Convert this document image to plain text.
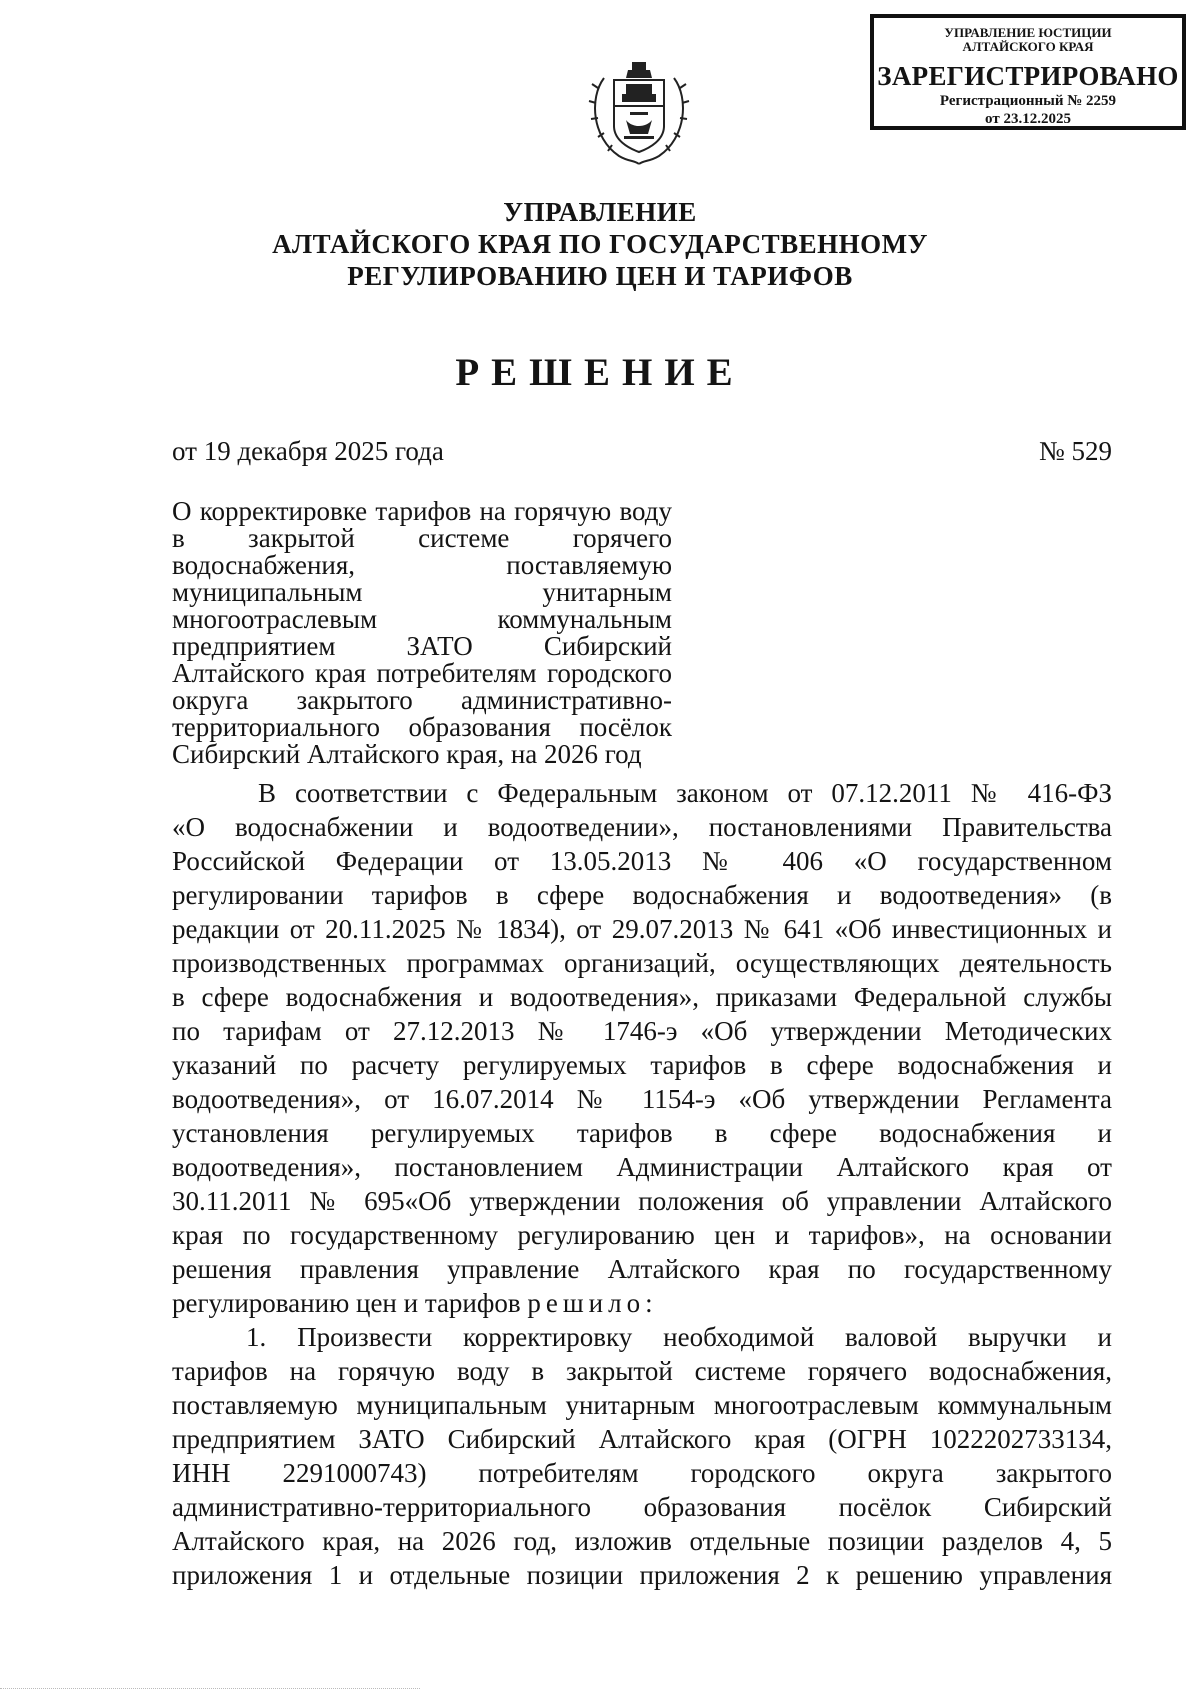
УПРАВЛЕНИЕ ЮСТИЦИИ
АЛТАЙСКОГО КРАЯ
ЗАРЕГИСТРИРОВАНО
Регистрационный № 2259
от 23.12.2025
УПРАВЛЕНИЕ
АЛТАЙСКОГО КРАЯ ПО ГОСУДАРСТВЕННОМУ
РЕГУЛИРОВАНИЮ ЦЕН И ТАРИФОВ
РЕШЕНИЕ
от 19 декабря 2025 года	№ 529
О корректировке тарифов на горячую воду в закрытой системе горячего водоснабжения, поставляемую муниципальным унитарным многоотраслевым коммунальным предприятием ЗАТО Сибирский Алтайского края потребителям городского округа закрытого административно-территориального образования посёлок Сибирский Алтайского края, на 2026 год
В соответствии с Федеральным законом от 07.12.2011 № 416-ФЗ
«О водоснабжении и водоотведении», постановлениями Правительства
Российской Федерации от 13.05.2013 № 406 «О государственном
регулировании тарифов в сфере водоснабжения и водоотведения» (в
редакции от 20.11.2025 № 1834), от 29.07.2013 № 641 «Об инвестиционных и
производственных программах организаций, осуществляющих деятельность
в сфере водоснабжения и водоотведения», приказами Федеральной службы
по тарифам от 27.12.2013 № 1746-э «Об утверждении Методических
указаний по расчету регулируемых тарифов в сфере водоснабжения и
водоотведения», от 16.07.2014 № 1154-э «Об утверждении Регламента
установления регулируемых тарифов в сфере водоснабжения и
водоотведения», постановлением Администрации Алтайского края от
30.11.2011 № 695«Об утверждении положения об управлении Алтайского
края по государственному регулированию цен и тарифов», на основании
решения правления управление Алтайского края по государственному
регулированию цен и тарифов решило:
1. Произвести корректировку необходимой валовой выручки и
тарифов на горячую воду в закрытой системе горячего водоснабжения,
поставляемую муниципальным унитарным многоотраслевым коммунальным
предприятием ЗАТО Сибирский Алтайского края (ОГРН 1022202733134,
ИНН 2291000743) потребителям городского округа закрытого
административно-территориального образования посёлок Сибирский
Алтайского края, на 2026 год, изложив отдельные позиции разделов 4, 5
приложения 1 и отдельные позиции приложения 2 к решению управления
